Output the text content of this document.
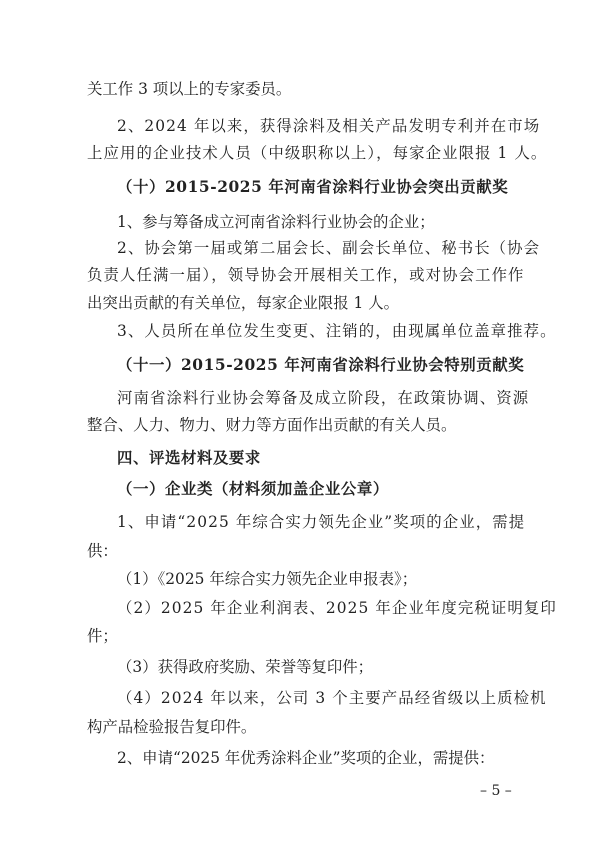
关工作 3 项以上的专家委员。
2、2024 年以来，获得涂料及相关产品发明专利并在市场
上应用的企业技术人员（中级职称以上），每家企业限报 1 人。
（十）2015-2025 年河南省涂料行业协会突出贡献奖
1、参与筹备成立河南省涂料行业协会的企业；
2、协会第一届或第二届会长、副会长单位、秘书长（协会
负责人任满一届），领导协会开展相关工作，或对协会工作作
出突出贡献的有关单位，每家企业限报 1 人。
3、人员所在单位发生变更、注销的，由现属单位盖章推荐。
（十一）2015-2025 年河南省涂料行业协会特别贡献奖
河南省涂料行业协会筹备及成立阶段，在政策协调、资源
整合、人力、物力、财力等方面作出贡献的有关人员。
四、评选材料及要求
（一）企业类（材料须加盖企业公章）
1、申请“2025 年综合实力领先企业”奖项的企业，需提
供：
（1）《2025 年综合实力领先企业申报表》；
（2）2025 年企业利润表、2025 年企业年度完税证明复印
件；
（3）获得政府奖励、荣誉等复印件；
（4）2024 年以来，公司 3 个主要产品经省级以上质检机
构产品检验报告复印件。
2、申请“2025 年优秀涂料企业”奖项的企业，需提供：
– 5 –
